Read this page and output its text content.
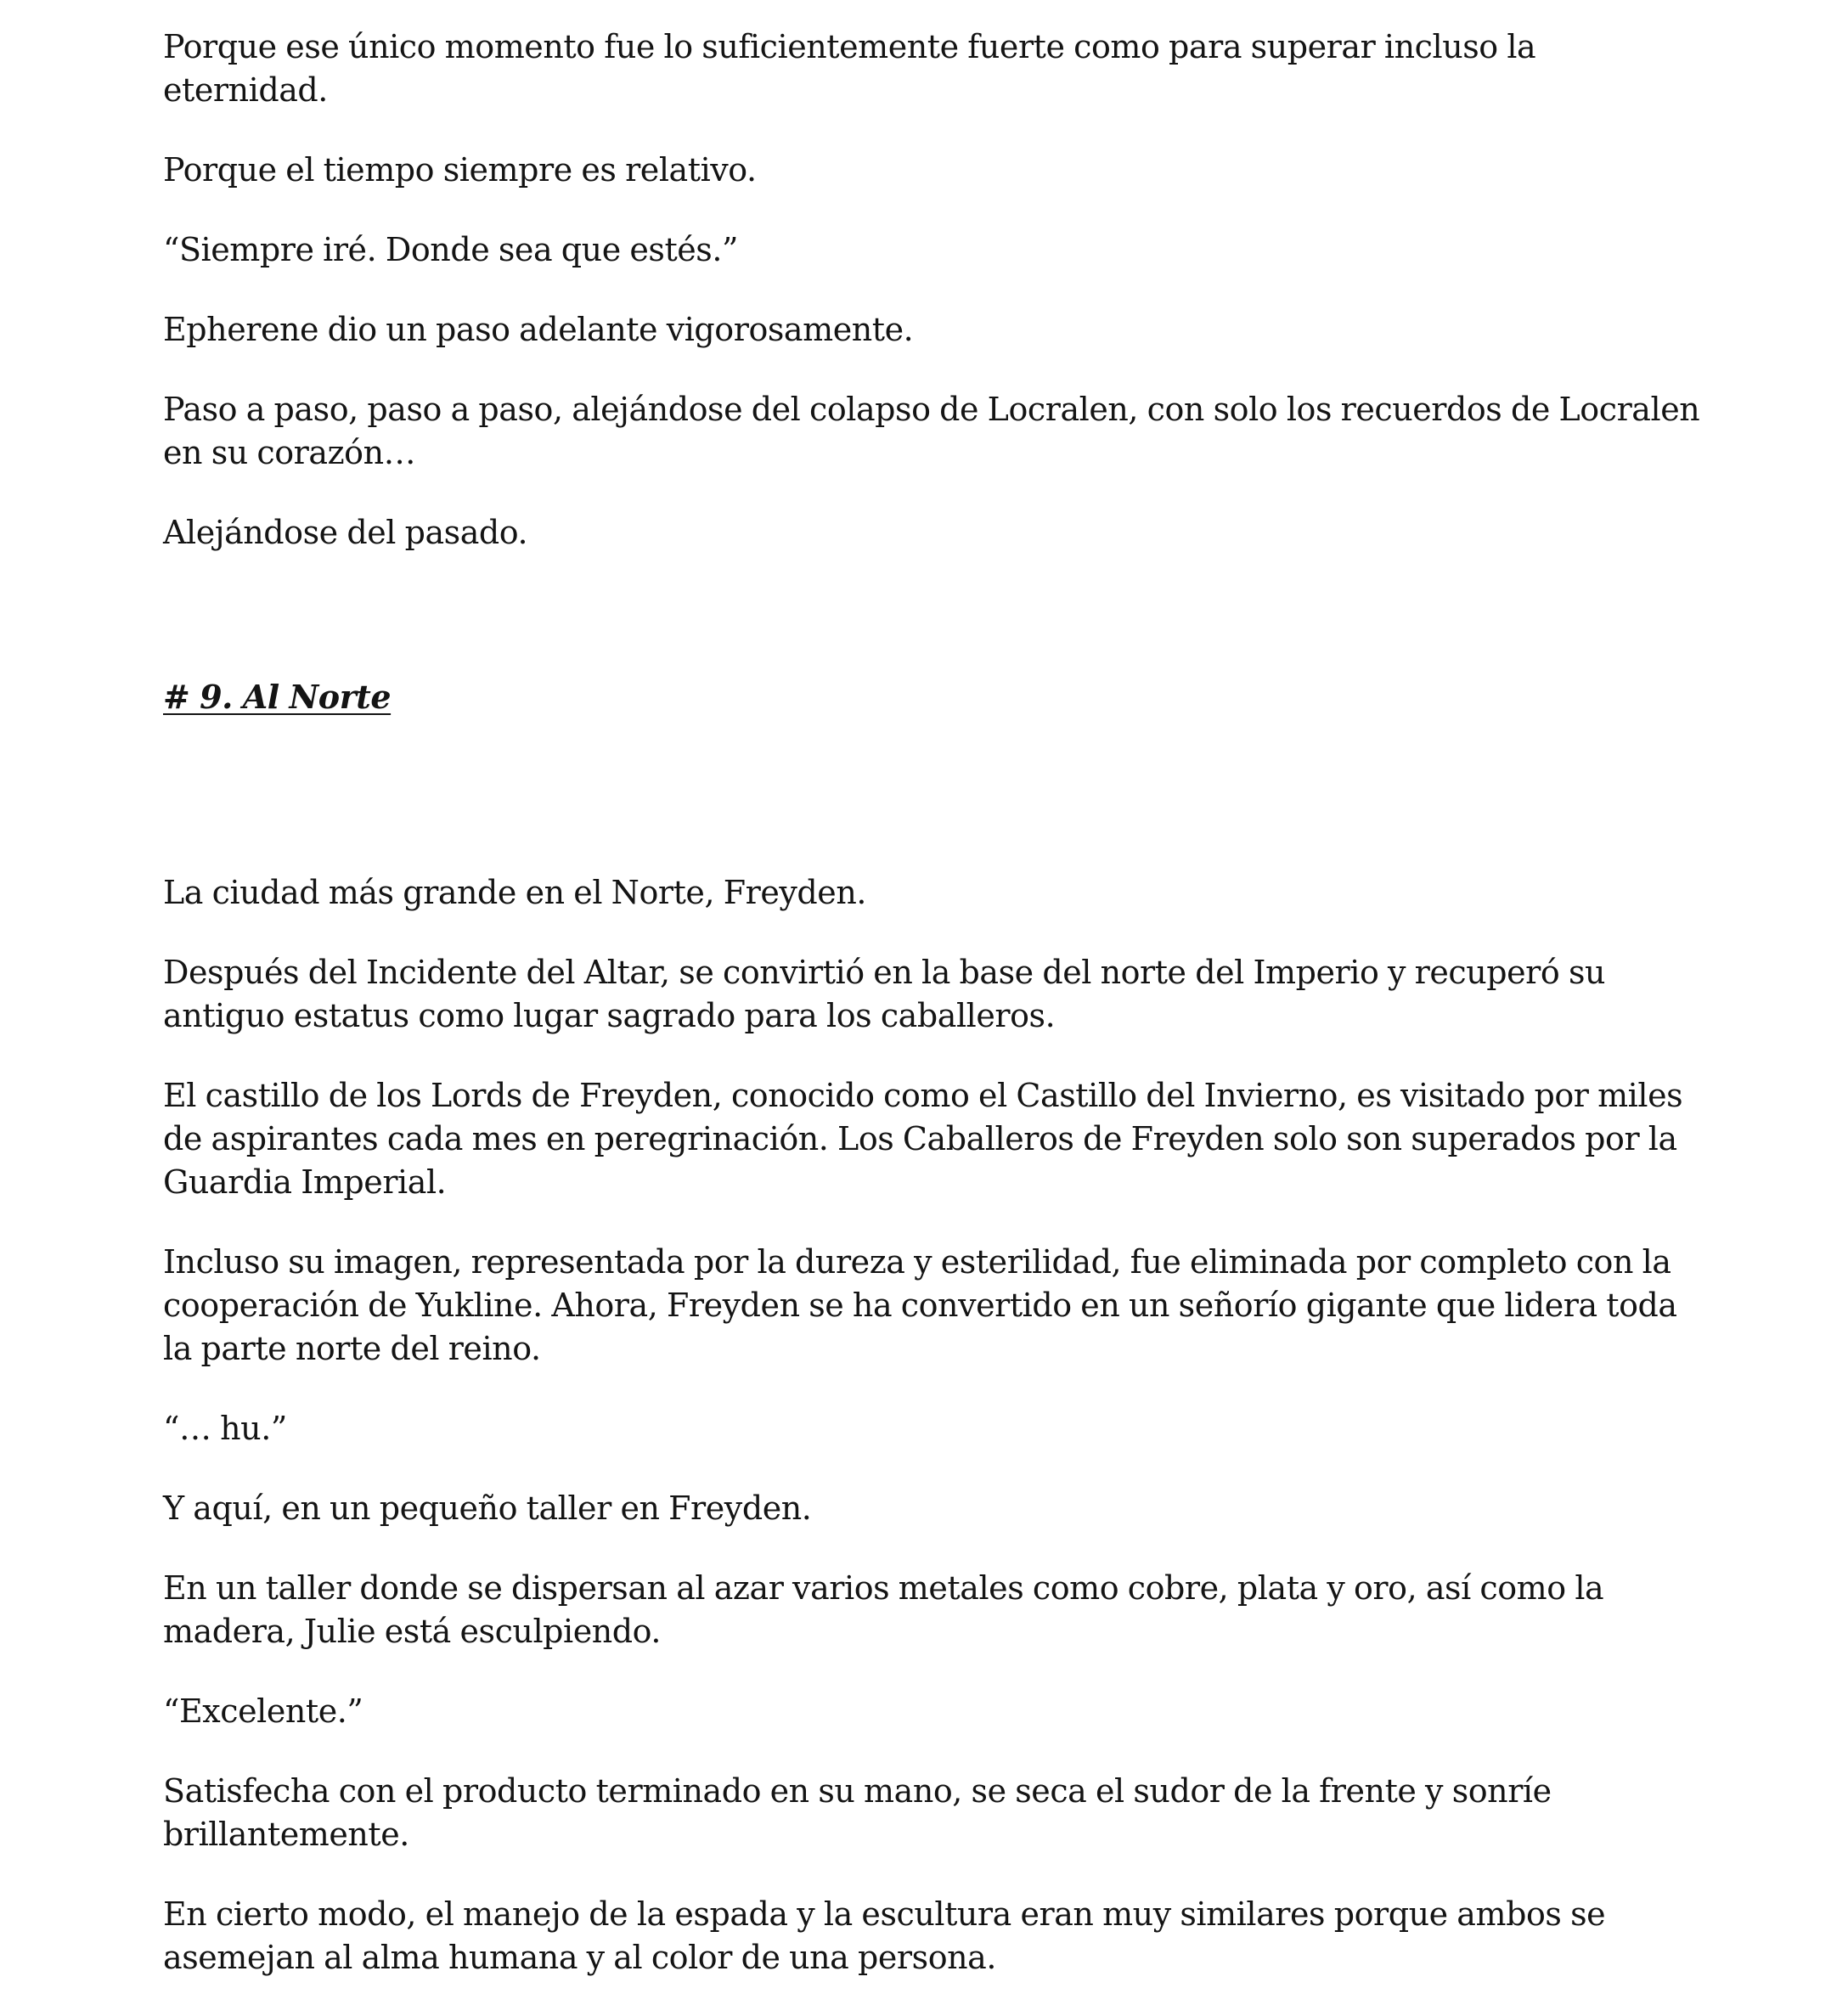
Porque ese único momento fue lo suficientemente fuerte como para superar incluso la eternidad.

Porque el tiempo siempre es relativo.

“Siempre iré. Donde sea que estés.”

Epherene dio un paso adelante vigorosamente.

Paso a paso, paso a paso, alejándose del colapso de Locralen, con solo los recuerdos de Locralen en su corazón…

Alejándose del pasado.

# 9. Al Norte

La ciudad más grande en el Norte, Freyden.

Después del Incidente del Altar, se convirtió en la base del norte del Imperio y recuperó su antiguo estatus como lugar sagrado para los caballeros.

El castillo de los Lords de Freyden, conocido como el Castillo del Invierno, es visitado por miles de aspirantes cada mes en peregrinación. Los Caballeros de Freyden solo son superados por la Guardia Imperial.

Incluso su imagen, representada por la dureza y esterilidad, fue eliminada por completo con la cooperación de Yukline. Ahora, Freyden se ha convertido en un señorío gigante que lidera toda la parte norte del reino.

“… hu.”

Y aquí, en un pequeño taller en Freyden.

En un taller donde se dispersan al azar varios metales como cobre, plata y oro, así como la madera, Julie está esculpiendo.

“Excelente.”

Satisfecha con el producto terminado en su mano, se seca el sudor de la frente y sonríe brillantemente.

En cierto modo, el manejo de la espada y la escultura eran muy similares porque ambos se asemejan al alma humana y al color de una persona.
